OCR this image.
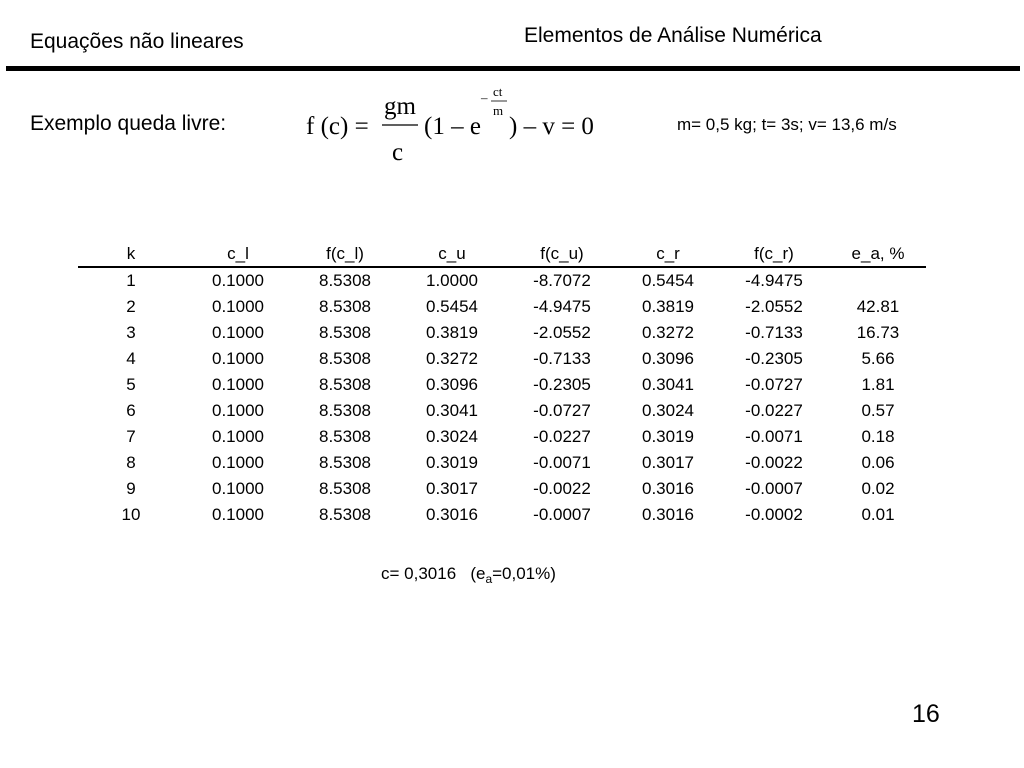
Equações não lineares	Elementos de Análise Numérica
Exemplo queda livre:	f (c) =
gm
c
(1 – e
– ct
m
) – v = 0	m= 0,5 kg; t= 3s; v= 13,6 m/s
k	c_l	f(c_l)	c_u	f(c_u)	c_r	f(c_r)	e_a, %
1	0.1000	8.5308	1.0000	-8.7072	0.5454	-4.9475	
2	0.1000	8.5308	0.5454	-4.9475	0.3819	-2.0552	42.81
3	0.1000	8.5308	0.3819	-2.0552	0.3272	-0.7133	16.73
4	0.1000	8.5308	0.3272	-0.7133	0.3096	-0.2305	5.66
5	0.1000	8.5308	0.3096	-0.2305	0.3041	-0.0727	1.81
6	0.1000	8.5308	0.3041	-0.0727	0.3024	-0.0227	0.57
7	0.1000	8.5308	0.3024	-0.0227	0.3019	-0.0071	0.18
8	0.1000	8.5308	0.3019	-0.0071	0.3017	-0.0022	0.06
9	0.1000	8.5308	0.3017	-0.0022	0.3016	-0.0007	0.02
10	0.1000	8.5308	0.3016	-0.0007	0.3016	-0.0002	0.01
c= 0,3016   $(e_a=0,01\%)$
16
